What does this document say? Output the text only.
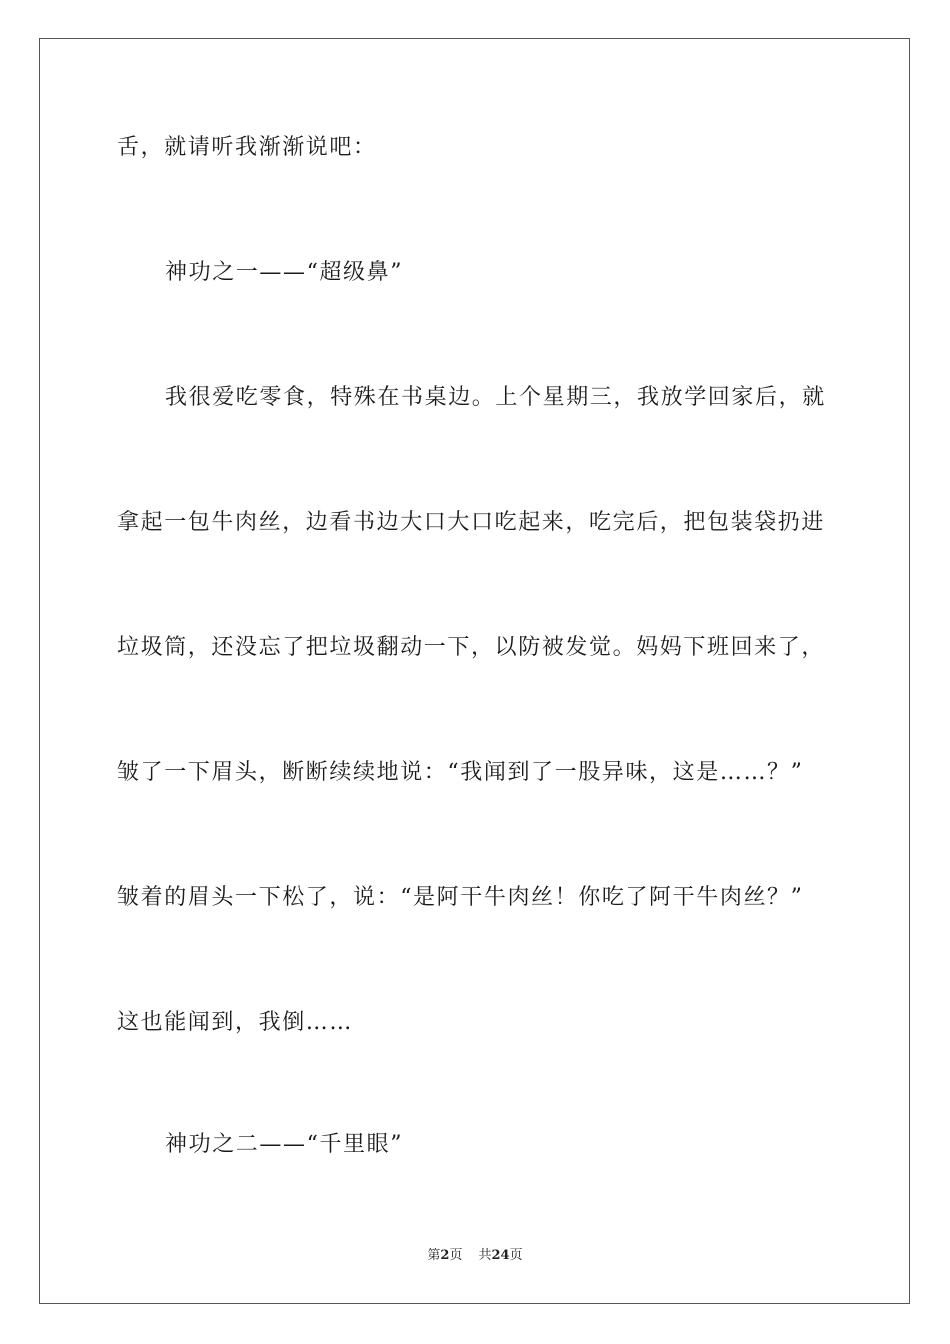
舌，就请听我渐渐说吧：
神功之一——“超级鼻”
我很爱吃零食，特殊在书桌边。上个星期三，我放学回家后，就
拿起一包牛肉丝，边看书边大口大口吃起来，吃完后，把包装袋扔进
垃圾筒，还没忘了把垃圾翻动一下，以防被发觉。妈妈下班回来了，
皱了一下眉头，断断续续地说：“我闻到了一股异味，这是……？”
皱着的眉头一下松了，说：“是阿干牛肉丝！你吃了阿干牛肉丝？”
这也能闻到，我倒……
神功之二——“千里眼”
第2页 共24页
